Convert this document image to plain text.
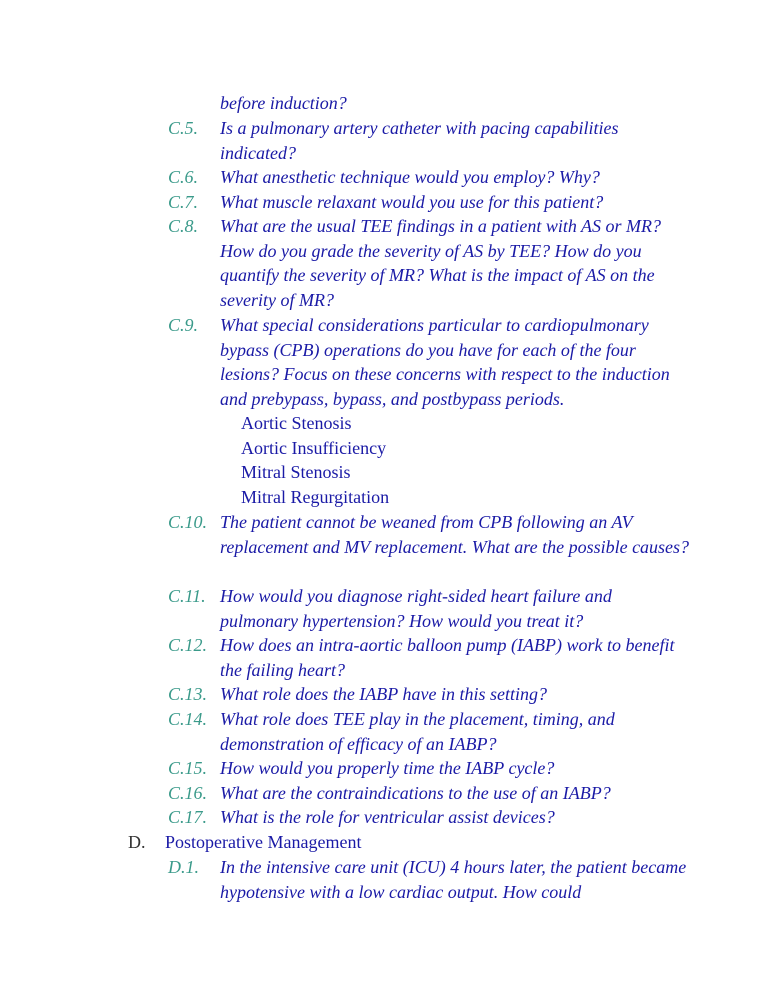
before induction?
C.5. Is a pulmonary artery catheter with pacing capabilities indicated?
C.6. What anesthetic technique would you employ? Why?
C.7. What muscle relaxant would you use for this patient?
C.8. What are the usual TEE findings in a patient with AS or MR? How do you grade the severity of AS by TEE? How do you quantify the severity of MR? What is the impact of AS on the severity of MR?
C.9. What special considerations particular to cardiopulmonary bypass (CPB) operations do you have for each of the four lesions? Focus on these concerns with respect to the induction and prebypass, bypass, and postbypass periods.
Aortic Stenosis
Aortic Insufficiency
Mitral Stenosis
Mitral Regurgitation
C.10. The patient cannot be weaned from CPB following an AV replacement and MV replacement. What are the possible causes?
C.11. How would you diagnose right-sided heart failure and pulmonary hypertension? How would you treat it?
C.12. How does an intra-aortic balloon pump (IABP) work to benefit the failing heart?
C.13. What role does the IABP have in this setting?
C.14. What role does TEE play in the placement, timing, and demonstration of efficacy of an IABP?
C.15. How would you properly time the IABP cycle?
C.16. What are the contraindications to the use of an IABP?
C.17. What is the role for ventricular assist devices?
D. Postoperative Management
D.1. In the intensive care unit (ICU) 4 hours later, the patient became hypotensive with a low cardiac output. How could
